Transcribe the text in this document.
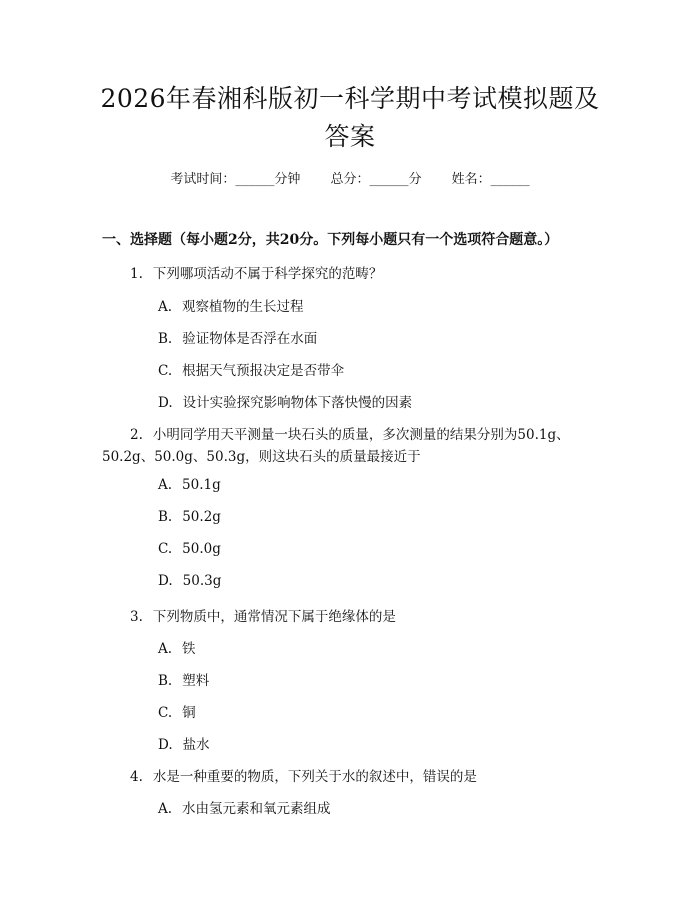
2026年春湘科版初一科学期中考试模拟题及
答案
考试时间：______分钟 总分：______分 姓名：______
一、选择题（每小题2分，共20分。下列每小题只有一个选项符合题意。）
1. 下列哪项活动不属于科学探究的范畴？
A. 观察植物的生长过程
B. 验证物体是否浮在水面
C. 根据天气预报决定是否带伞
D. 设计实验探究影响物体下落快慢的因素
2. 小明同学用天平测量一块石头的质量，多次测量的结果分别为50.1g、
50.2g、50.0g、50.3g，则这块石头的质量最接近于
A. 50.1g
B. 50.2g
C. 50.0g
D. 50.3g
3. 下列物质中，通常情况下属于绝缘体的是
A. 铁
B. 塑料
C. 铜
D. 盐水
4. 水是一种重要的物质，下列关于水的叙述中，错误的是
A. 水由氢元素和氧元素组成
